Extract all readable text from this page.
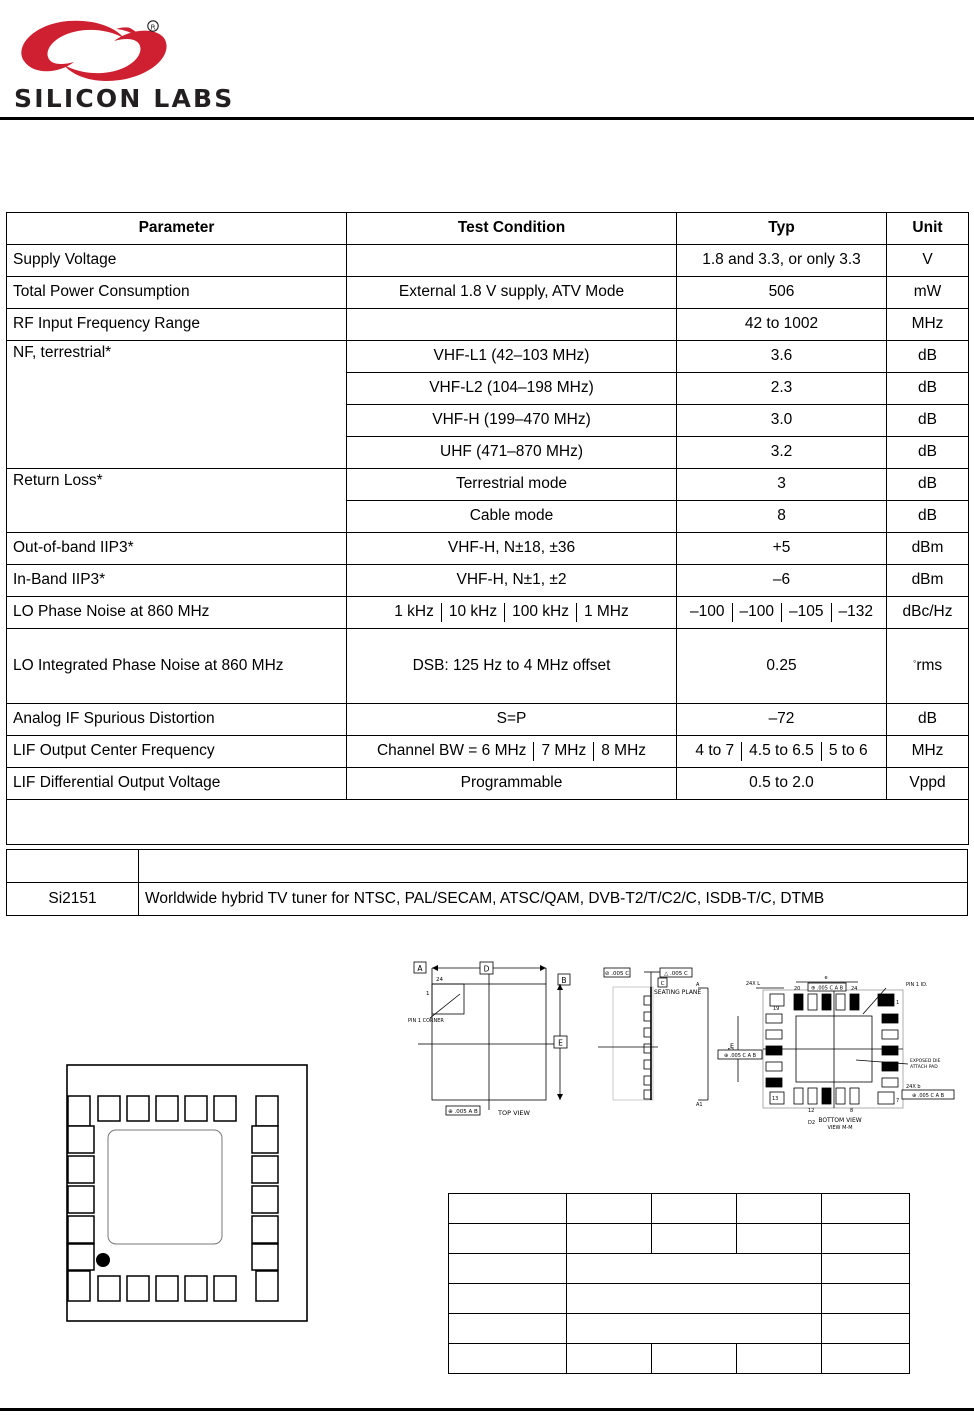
R
SILICON LABS
Parameter	Test Condition	Typ	Unit
Supply Voltage		1.8 and 3.3, or only 3.3	V
Total Power Consumption	External 1.8 V supply, ATV Mode	506	mW
RF Input Frequency Range		42 to 1002	MHz
NF, terrestrial*	VHF-L1 (42–103 MHz)	3.6	dB
	VHF-L2 (104–198 MHz)	2.3	dB
	VHF-H (199–470 MHz)	3.0	dB
	UHF (471–870 MHz)	3.2	dB
Return Loss*	Terrestrial mode	3	dB
	Cable mode	8	dB
Out-of-band IIP3*	VHF-H, N±18, ±36	+5	dBm
In-Band IIP3*	VHF-H, N±1, ±2	–6	dBm
LO Phase Noise at 860 MHz	1 kHz 10 kHz 100 kHz 1 MHz	–100 –100 –105 –132	dBc/Hz
LO Integrated Phase Noise at 860 MHz	DSB: 125 Hz to 4 MHz offset	0.25	◦rms
Analog IF Spurious Distortion	S=P	–72	dB
LIF Output Center Frequency	Channel BW = 6 MHz 7 MHz 8 MHz	4 to 7 4.5 to 6.5 5 to 6	MHz
LIF Differential Output Voltage	Programmable	0.5 to 2.0	Vppd

Si2151	Worldwide hybrid TV tuner for NTSC, PAL/SECAM, ATSC/QAM, DVB-T2/T/C2/C, ISDB-T/C, DTMB
D
A
B
E
24
1
PIN 1 CORNER
⊕ .005 A B	TOP VIEW
⊘ .005 C	△ .005 C
C
SEATING PLANE
A
A1
E
PIN 1 ID.
EXPOSED DIE
ATTACH PAD
e
⊕ .005 C A B
24X L
24X b
⊕ .005 C A B
⊕ .005 C A B
19
20	24
1
13
12	8
7
D2 BOTTOM VIEW
VIEW M-M
